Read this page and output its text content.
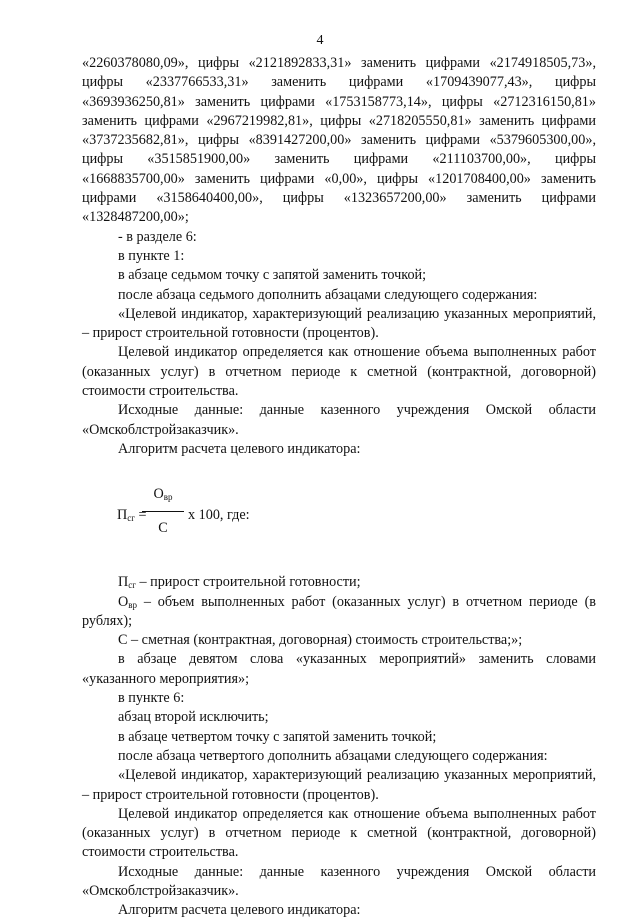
4

«2260378080,09», цифры «2121892833,31» заменить цифрами «2174918505,73», цифры «2337766533,31» заменить цифрами «1709439077,43», цифры «3693936250,81» заменить цифрами «1753158773,14», цифры «2712316150,81» заменить цифрами «2967219982,81», цифры «2718205550,81» заменить цифрами «3737235682,81», цифры «8391427200,00» заменить цифрами «5379605300,00», цифры «3515851900,00» заменить цифрами «211103700,00», цифры «1668835700,00» заменить цифрами «0,00», цифры «1201708400,00» заменить цифрами «3158640400,00», цифры «1323657200,00» заменить цифрами «1328487200,00»;

- в разделе 6:

в пункте 1:

в абзаце седьмом точку с запятой заменить точкой;

после абзаца седьмого дополнить абзацами следующего содержания:

«Целевой индикатор, характеризующий реализацию указанных мероприятий, – прирост строительной готовности (процентов).

Целевой индикатор определяется как отношение объема выполненных работ (оказанных услуг) в отчетном периоде к сметной (контрактной, договорной) стоимости строительства.

Исходные данные: данные казенного учреждения Омской области «Омскоблстройзаказчик».

Алгоритм расчета целевого индикатора:

$П_{сг}$ =
$О_{вр}$
С
х 100, где:

$П_{сг}$ – прирост строительной готовности;

$О_{вр}$ – объем выполненных работ (оказанных услуг) в отчетном периоде (в рублях);

С – сметная (контрактная, договорная) стоимость строительства;»;

в абзаце девятом слова «указанных мероприятий» заменить словами «указанного мероприятия»;

в пункте 6:

абзац второй исключить;

в абзаце четвертом точку с запятой заменить точкой;

после абзаца четвертого дополнить абзацами следующего содержания:

«Целевой индикатор, характеризующий реализацию указанных мероприятий, – прирост строительной готовности (процентов).

Целевой индикатор определяется как отношение объема выполненных работ (оказанных услуг) в отчетном периоде к сметной (контрактной, договорной) стоимости строительства.

Исходные данные: данные казенного учреждения Омской области «Омскоблстройзаказчик».

Алгоритм расчета целевого индикатора:
